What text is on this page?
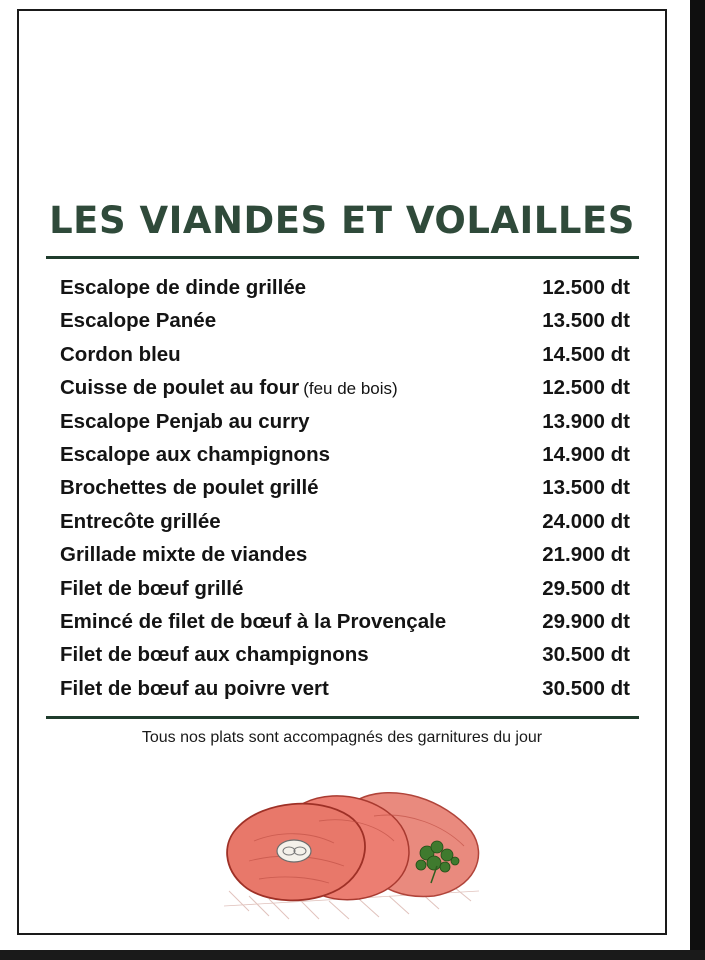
LES VIANDES ET VOLAILLES
Escalope de dinde grillée	12.500 dt
Escalope Panée	13.500 dt
Cordon bleu	14.500 dt
Cuisse de poulet au four (feu de bois)	12.500 dt
Escalope Penjab au curry	13.900 dt
Escalope aux champignons	14.900 dt
Brochettes de poulet grillé	13.500 dt
Entrecôte grillée	24.000 dt
Grillade mixte de viandes	21.900 dt
Filet de bœuf grillé	29.500 dt
Emincé de filet de bœuf à la Provençale	29.900 dt
Filet de bœuf aux champignons	30.500 dt
Filet de bœuf au poivre vert	30.500 dt
Tous nos plats sont accompagnés des garnitures du jour
